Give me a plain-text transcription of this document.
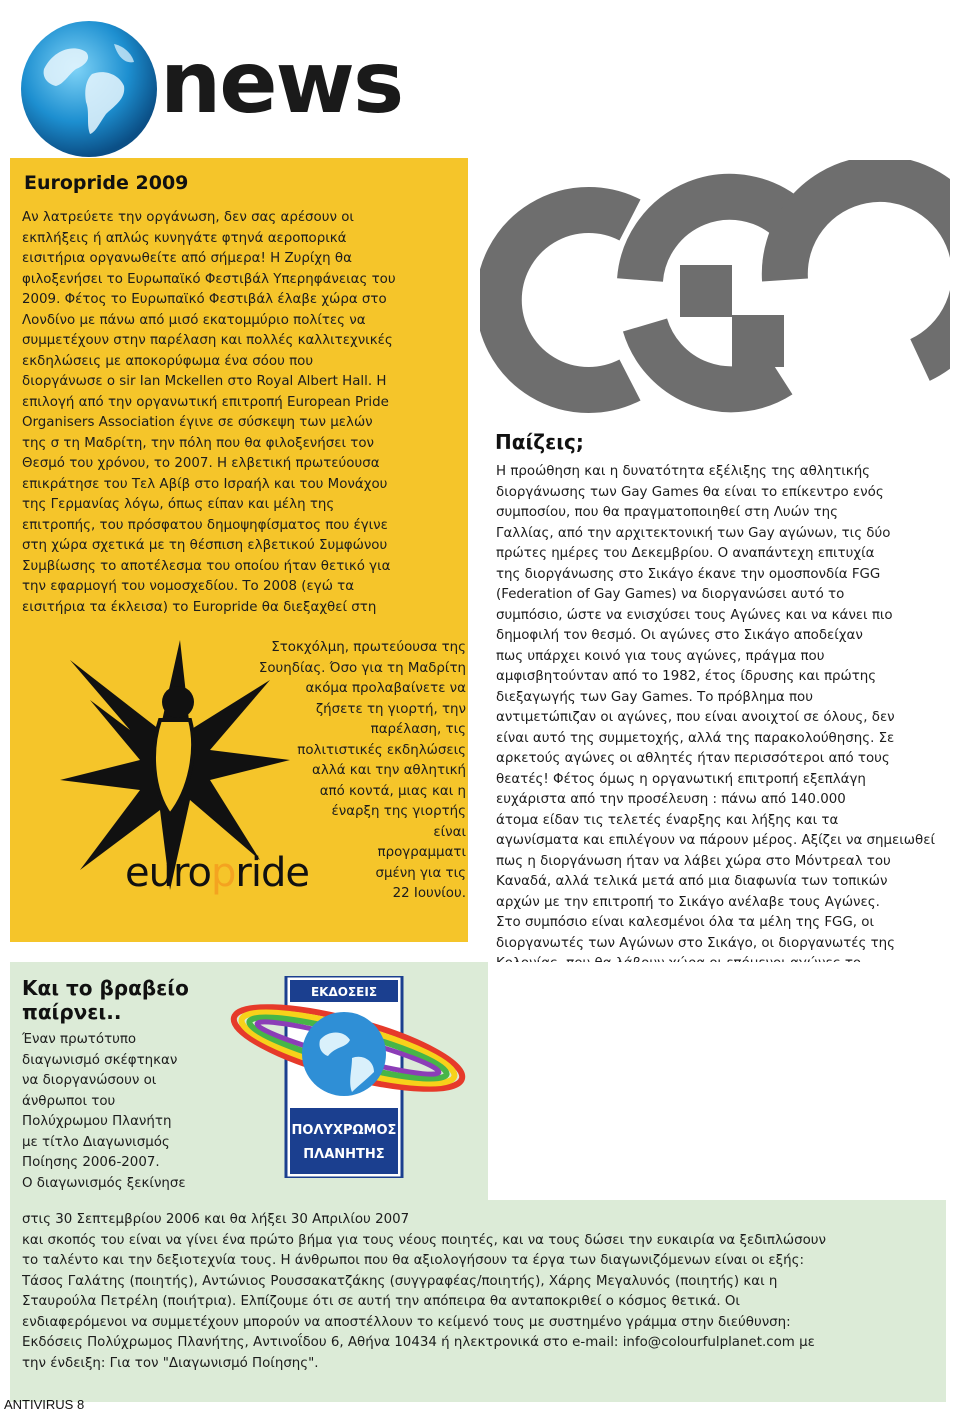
news
Europride 2009
Αν λατρεύετε την οργάνωση, δεν σας αρέσουν οι
εκπλήξεις ή απλώς κυνηγάτε φτηνά αεροπορικά
εισιτήρια οργανωθείτε από σήμερα! Η Ζυρίχη θα
φιλοξενήσει το Ευρωπαϊκό Φεστιβάλ Υπερηφάνειας του
2009. Φέτος το Ευρωπαϊκό Φεστιβάλ έλαβε χώρα στο
Λονδίνο με πάνω από μισό εκατομμύριο πολίτες να
συμμετέχουν στην παρέλαση και πολλές καλλιτεχνικές
εκδηλώσεις με αποκορύφωμα ένα σόου που
διοργάνωσε ο sir Ian Mckellen στο Royal Albert Hall. Η
επιλογή από την οργανωτική επιτροπή European Pride
Organisers Association έγινε σε σύσκεψη των μελών
της σ τη Μαδρίτη, την πόλη που θα φιλοξενήσει τον
Θεσμό του χρόνου, το 2007. Η ελβετική πρωτεύουσα
επικράτησε του Τελ Αβίβ στο Ισραήλ και του Μονάχου
της Γερμανίας λόγω, όπως είπαν και μέλη της
επιτροπής, του πρόσφατου δημοψηφίσματος που έγινε
στη χώρα σχετικά με τη θέσπιση ελβετικού Συμφώνου
Συμβίωσης το αποτέλεσμα του οποίου ήταν θετικό για
την εφαρμογή του νομοσχεδίου. Το 2008 (εγώ τα
εισιτήρια τα έκλεισα) το Europride θα διεξαχθεί στη
Στοκχόλμη, πρωτεύουσα της
Σουηδίας. Όσο για τη Μαδρίτη
ακόμα προλαβαίνετε να
ζήσετε τη γιορτή, την
παρέλαση, τις
πολιτιστικές εκδηλώσεις
αλλά και την αθλητική
από κοντά, μιας και η
έναρξη της γιορτής
είναι
προγραμματι
σμένη για τις
22 Ιουνίου.
europride
Παίζεις;
Η προώθηση και η δυνατότητα εξέλιξης της αθλητικής
διοργάνωσης των Gay Games θα είναι το επίκεντρο ενός
συμποσίου, που θα πραγματοποιηθεί στη Λυών της
Γαλλίας, από την αρχιτεκτονική των Gay αγώνων, τις δύο
πρώτες ημέρες του Δεκεμβρίου. Ο αναπάντεχη επιτυχία
της διοργάνωσης στο Σικάγο έκανε την ομοσπονδία FGG
(Federation of Gay Games) να διοργανώσει αυτό το
συμπόσιο, ώστε να ενισχύσει τους Αγώνες και να κάνει πιο
δημοφιλή τον θεσμό. Οι αγώνες στο Σικάγο αποδείχαν
πως υπάρχει κοινό για τους αγώνες, πράγμα που
αμφισβητούνταν από το 1982, έτος ίδρυσης και πρώτης
διεξαγωγής των Gay Games. Το πρόβλημα που
αντιμετώπιζαν οι αγώνες, που είναι ανοιχτοί σε όλους, δεν
είναι αυτό της συμμετοχής, αλλά της παρακολούθησης. Σε
αρκετούς αγώνες οι αθλητές ήταν περισσότεροι από τους
θεατές! Φέτος όμως η οργανωτική επιτροπή εξεπλάγη
ευχάριστα από την προσέλευση : πάνω από 140.000
άτομα είδαν τις τελετές έναρξης και λήξης και τα
αγωνίσματα και επιλέγουν να πάρουν μέρος. Αξίζει να σημειωθεί
πως η διοργάνωση ήταν να λάβει χώρα στο Μόντρεαλ του
Καναδά, αλλά τελικά μετά από μια διαφωνία των τοπικών
αρχών με την επιτροπή το Σικάγο ανέλαβε τους Αγώνες.
Στο συμπόσιο είναι καλεσμένοι όλα τα μέλη της FGG, οι
διοργανωτές των Αγώνων στο Σικάγο, οι διοργανωτές της
Και το βραβείο
παίρνει..
Έναν πρωτότυπο
διαγωνισμό σκέφτηκαν
να διοργανώσουν οι
άνθρωποι του
Πολύχρωμου Πλανήτη
με τίτλο Διαγωνισμός
Ποίησης 2006-2007.
Ο διαγωνισμός ξεκίνησε
ΕΚΔΟΣΕΙΣ
ΠΟΛΥΧΡΩΜΟΣ
ΠΛΑΝΗΤΗΣ
στις 30 Σεπτεμβρίου 2006 και θα λήξει 30 Απριλίου 2007
και σκοπός του είναι να γίνει ένα πρώτο βήμα για τους νέους ποιητές, και να τους δώσει την ευκαιρία να ξεδιπλώσουν
το ταλέντο και την δεξιοτεχνία τους. Η άνθρωποι που θα αξιολογήσουν τα έργα των διαγωνιζόμενων είναι οι εξής:
Τάσος Γαλάτης (ποιητής), Αντώνιος Ρουσσακατζάκης (συγγραφέας/ποιητής), Χάρης Μεγαλυνός (ποιητής) και η
Σταυρούλα Πετρέλη (ποιήτρια). Ελπίζουμε ότι σε αυτή την απόπειρα θα ανταποκριθεί ο κόσμος θετικά. Οι
ενδιαφερόμενοι να συμμετέχουν μπορούν να αποστέλλουν το κείμενό τους με συστημένο γράμμα στην διεύθυνση:
Εκδόσεις Πολύχρωμος Πλανήτης, Αντινοΐδου 6, Αθήνα 10434 ή ηλεκτρονικά στο e-mail: info@colourfulplanet.com με
την ένδειξη: Για τον "Διαγωνισμό Ποίησης".
ANTIVIRUS 8
